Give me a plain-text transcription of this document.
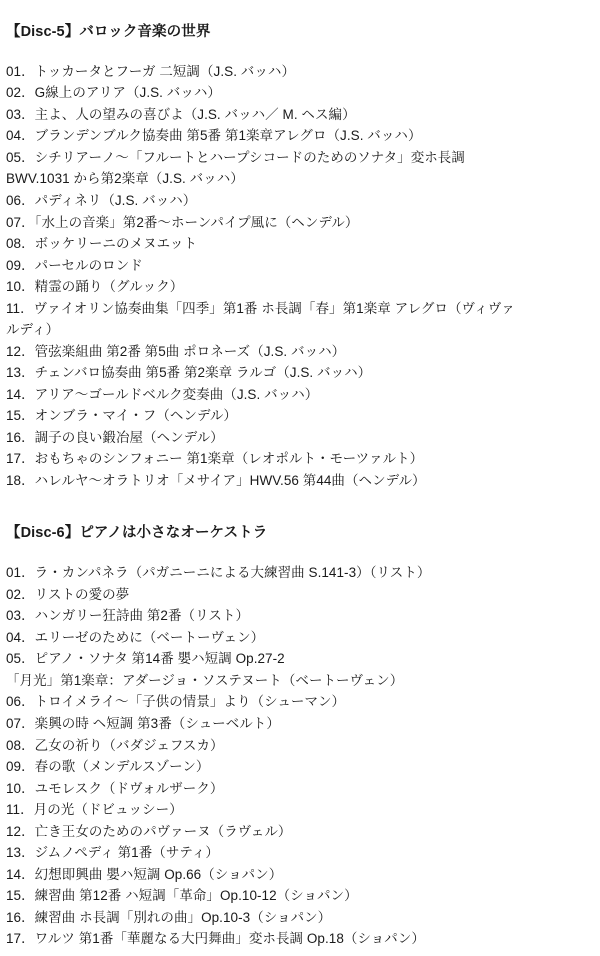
【Disc-5】バロック音楽の世界
01．トッカータとフーガ 二短調（J.S. バッハ）
02．G線上のアリア（J.S. バッハ）
03．主よ、人の望みの喜びよ（J.S. バッハ／ M. ヘス編）
04．ブランデンブルク協奏曲 第5番 第1楽章アレグロ（J.S. バッハ）
05．シチリアーノ～「フルートとハープシコードのためのソナタ」変ホ長調
BWV.1031 から第2楽章（J.S. バッハ）
06．パディネリ（J.S. バッハ）
07．「水上の音楽」第2番～ホーンパイプ風に（ヘンデル）
08．ボッケリーニのメヌエット
09．パーセルのロンド
10．精霊の踊り（グルック）
11．ヴァイオリン協奏曲集「四季」第1番 ホ長調「春」第1楽章 アレグロ（ヴィヴァ
ルディ）
12．管弦楽組曲 第2番 第5曲 ポロネーズ（J.S. バッハ）
13．チェンバロ協奏曲 第5番 第2楽章 ラルゴ（J.S. バッハ）
14．アリア～ゴールドベルク変奏曲（J.S. バッハ）
15．オンブラ・マイ・フ（ヘンデル）
16．調子の良い鍛冶屋（ヘンデル）
17．おもちゃのシンフォニー 第1楽章（レオポルト・モーツァルト）
18．ハレルヤ～オラトリオ「メサイア」HWV.56 第44曲（ヘンデル）
【Disc-6】ピアノは小さなオーケストラ
01．ラ・カンパネラ（パガニーニによる大練習曲 S.141-3）（リスト）
02．リストの愛の夢
03．ハンガリー狂詩曲 第2番（リスト）
04．エリーゼのために（ベートーヴェン）
05．ピアノ・ソナタ 第14番 嬰ハ短調 Op.27-2
「月光」第1楽章：アダージョ・ソステヌート（ベートーヴェン）
06．トロイメライ～「子供の情景」より（シューマン）
07．楽興の時 ヘ短調 第3番（シューベルト）
08．乙女の祈り（バダジェフスカ）
09．春の歌（メンデルスゾーン）
10．ユモレスク（ドヴォルザーク）
11．月の光（ドビュッシー）
12．亡き王女のためのパヴァーヌ（ラヴェル）
13．ジムノペディ 第1番（サティ）
14．幻想即興曲 嬰ハ短調 Op.66（ショパン）
15．練習曲 第12番 ハ短調「革命」Op.10-12（ショパン）
16．練習曲 ホ長調「別れの曲」Op.10-3（ショパン）
17．ワルツ 第1番「華麗なる大円舞曲」変ホ長調 Op.18（ショパン）
